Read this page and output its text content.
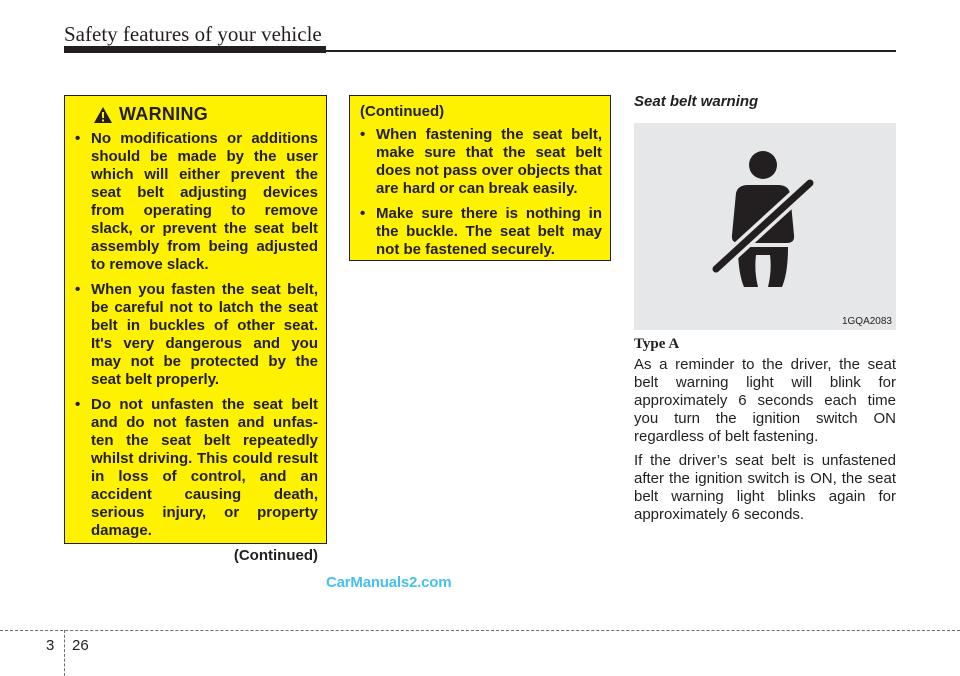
Safety features of your vehicle
WARNING
• No modifications or additions should be made by the user which will either prevent the seat belt adjusting devices from operating to remove slack, or prevent the seat belt assembly from being adjusted to remove slack.
• When you fasten the seat belt, be careful not to latch the seat belt in buckles of other seat. It's very dangerous and you may not be protected by the seat belt properly.
• Do not unfasten the seat belt and do not fasten and unfas- ten the seat belt repeatedly whilst driving. This could result in loss of control, and an accident causing death, serious injury, or property damage.
(Continued)
(Continued)
• When fastening the seat belt, make sure that the seat belt does not pass over objects that are hard or can break easily.
• Make sure there is nothing in the buckle. The seat belt may not be fastened securely.
Seat belt warning
1GQA2083
Type A

As a reminder to the driver, the seat belt warning light will blink for approximately 6 seconds each time you turn the ignition switch ON regardless of belt fastening.

If the driver’s seat belt is unfastened after the ignition switch is ON, the seat belt warning light blinks again for approximately 6 seconds.

CarManuals2.com
3 26
